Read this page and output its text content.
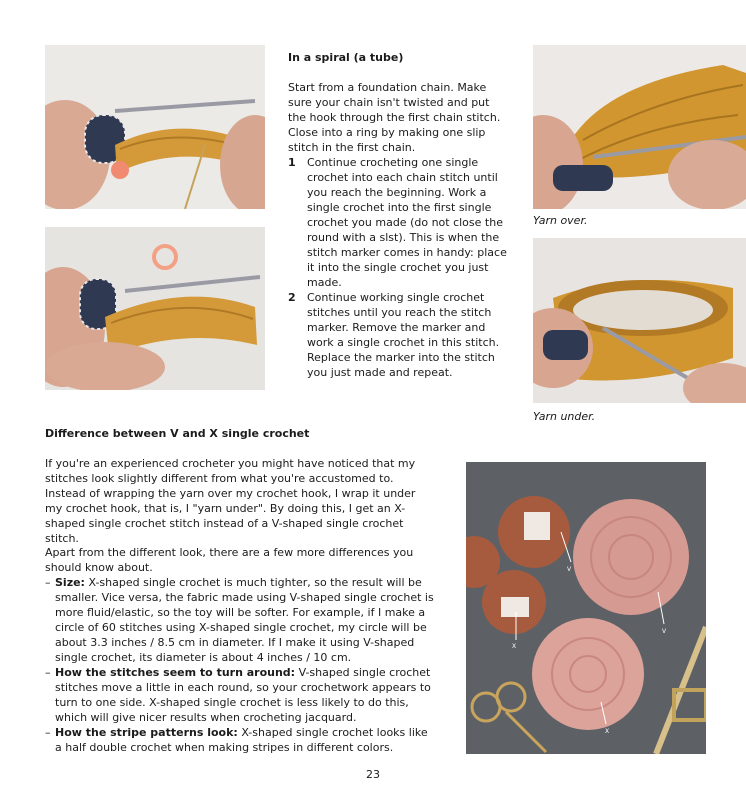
V
X
V
X
Yarn over.
Yarn under.

In a spiral (a tube)

Start from a foundation chain. Make sure your chain isn't twisted and put the hook through the first chain stitch. Close into a ring by making one slip stitch in the first chain.

1 Continue crocheting one single crochet into each chain stitch until you reach the beginning. Work a single crochet into the first single crochet you made (do not close the round with a slst). This is when the stitch marker comes in handy: place it into the single crochet you just made.
2 Continue working single crochet stitches until you reach the stitch marker. Remove the marker and work a single crochet in this stitch. Replace the marker into the stitch you just made and repeat.
Difference between V and X single crochet
If you're an experienced crocheter you might have noticed that my stitches look slightly different from what you're accustomed to. Instead of wrapping the yarn over my crochet hook, I wrap it under my crochet hook, that is, I "yarn under". By doing this, I get an X-shaped single crochet stitch instead of a V-shaped single crochet stitch.

Apart from the different look, there are a few more differences you should know about.

– Size: X-shaped single crochet is much tighter, so the result will be smaller. Vice versa, the fabric made using V-shaped single crochet is more fluid/elastic, so the toy will be softer. For example, if I make a circle of 60 stitches using X-shaped single crochet, my circle will be about 3.3 inches / 8.5 cm in diameter. If I make it using V-shaped single crochet, its diameter is about 4 inches / 10 cm.
– How the stitches seem to turn around: V-shaped single crochet stitches move a little in each round, so your crochetwork appears to turn to one side. X-shaped single crochet is less likely to do this, which will give nicer results when crocheting jacquard.
– How the stripe patterns look: X-shaped single crochet looks like a half double crochet when making stripes in different colors.
23
